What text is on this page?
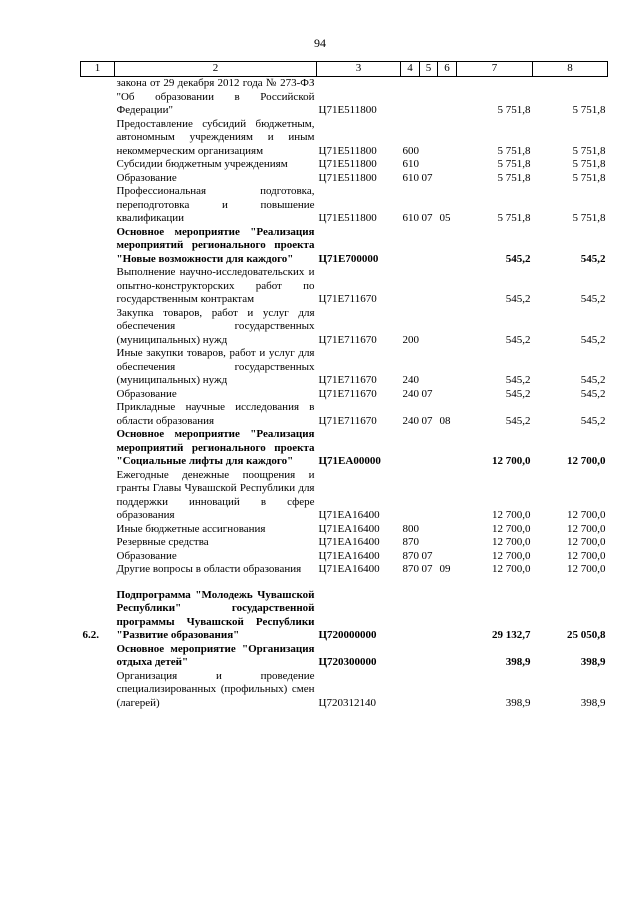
94
1	2	3	4	5	6	7	8
	закона от 29 декабря 2012 года № 273-ФЗ "Об образовании в Российской Федерации"	Ц71Е511800				5 751,8	5 751,8
	Предоставление субсидий бюджетным, автономным учреждениям и иным некоммерческим организациям	Ц71Е511800	600			5 751,8	5 751,8
	Субсидии бюджетным учреждениям	Ц71Е511800	610			5 751,8	5 751,8
	Образование	Ц71Е511800	610	07		5 751,8	5 751,8
	Профессиональная подготовка, переподготовка и повышение квалификации	Ц71Е511800	610	07	05	5 751,8	5 751,8
	Основное мероприятие "Реализация мероприятий регионального проекта "Новые возможности для каждого"	Ц71Е700000				545,2	545,2
	Выполнение научно-исследовательских и опытно-конструкторских работ по государственным контрактам	Ц71Е711670				545,2	545,2
	Закупка товаров, работ и услуг для обеспечения государственных (муниципальных) нужд	Ц71Е711670	200			545,2	545,2
	Иные закупки товаров, работ и услуг для обеспечения государственных (муниципальных) нужд	Ц71Е711670	240			545,2	545,2
	Образование	Ц71Е711670	240	07		545,2	545,2
	Прикладные научные исследования в области образования	Ц71Е711670	240	07	08	545,2	545,2
	Основное мероприятие "Реализация мероприятий регионального проекта "Социальные лифты для каждого"	Ц71ЕА00000				12 700,0	12 700,0
	Ежегодные денежные поощрения и гранты Главы Чувашской Республики для поддержки инноваций в сфере образования	Ц71ЕА16400				12 700,0	12 700,0
	Иные бюджетные ассигнования	Ц71ЕА16400	800			12 700,0	12 700,0
	Резервные средства	Ц71ЕА16400	870			12 700,0	12 700,0
	Образование	Ц71ЕА16400	870	07		12 700,0	12 700,0
	Другие вопросы в области образования	Ц71ЕА16400	870	07	09	12 700,0	12 700,0

6.2.	Подпрограмма "Молодежь Чувашской Республики" государственной программы Чувашской Республики "Развитие образования"	Ц720000000				29 132,7	25 050,8
	Основное мероприятие "Организация отдыха детей"	Ц720300000				398,9	398,9
	Организация и проведение специализированных (профильных) смен (лагерей)	Ц720312140				398,9	398,9
